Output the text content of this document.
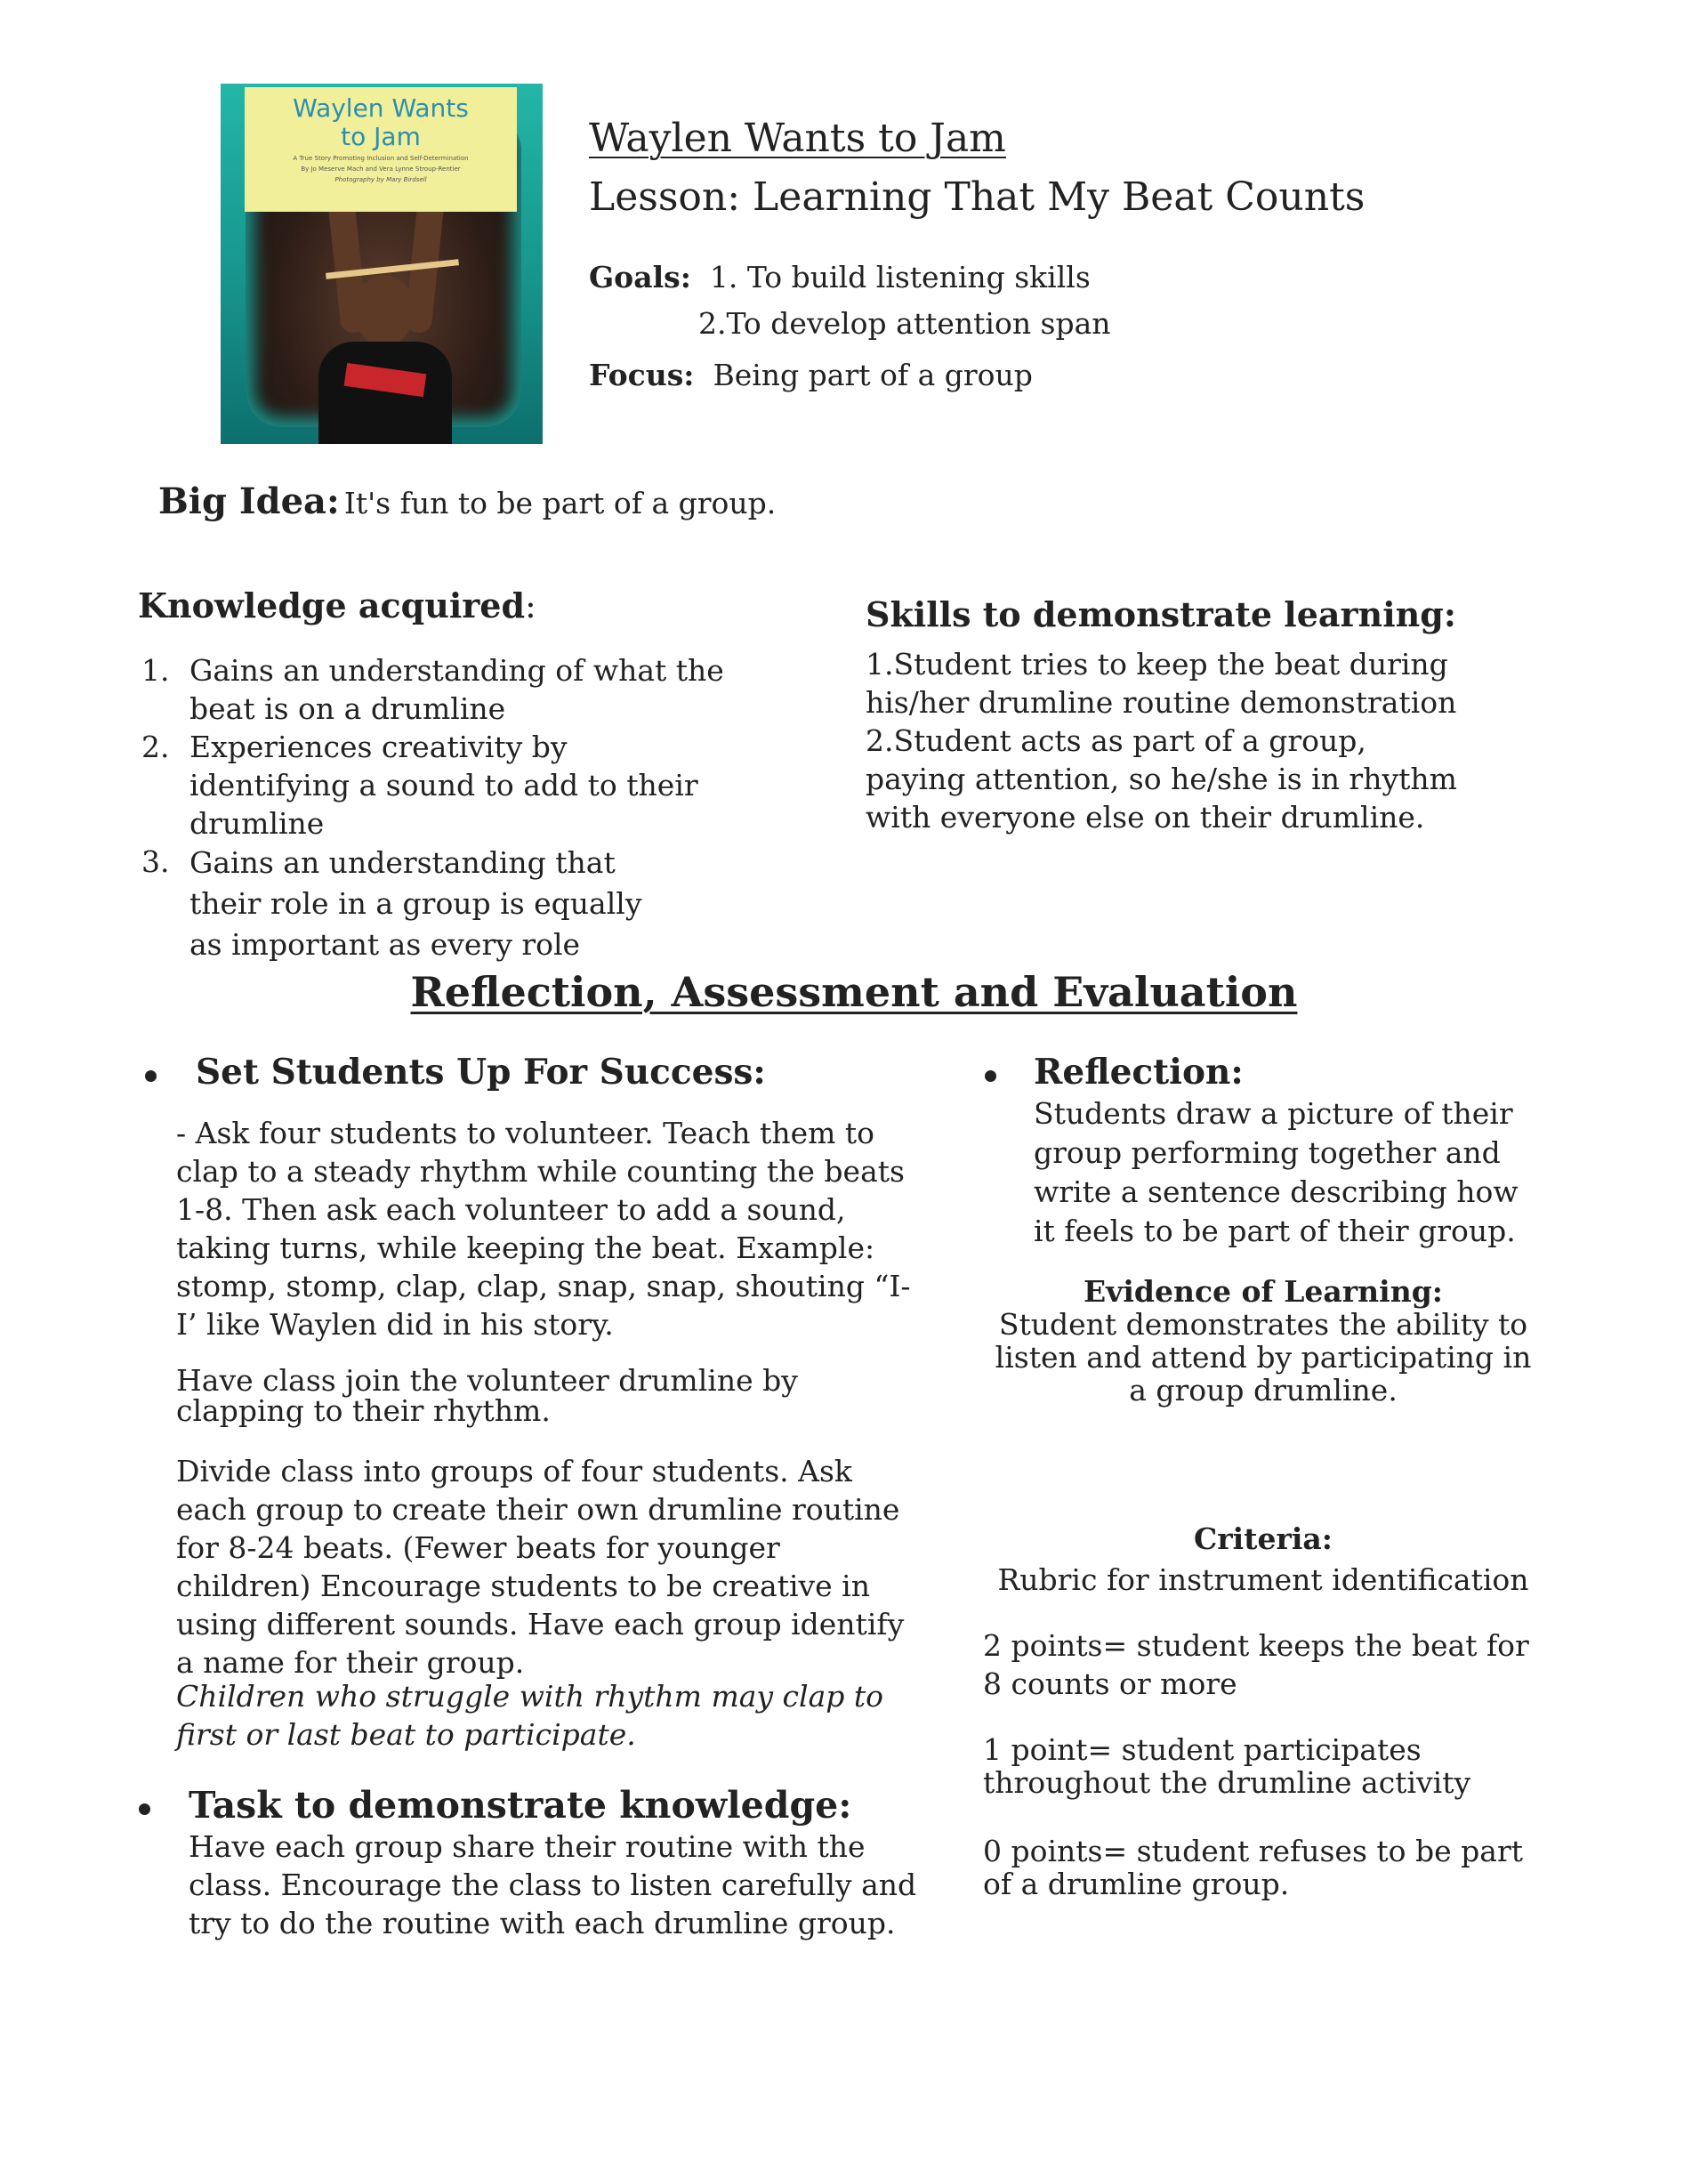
Waylen Wants
to Jam
A True Story Promoting Inclusion and Self-Determination
By Jo Meserve Mach and Vera Lynne Stroup-Rentier
Photography by Mary Birdsell
Waylen Wants to Jam
Lesson: Learning That My Beat Counts
Goals: 1. To build listening skills
2.To develop attention span
Focus: Being part of a group
Big Idea: It's fun to be part of a group.
Knowledge acquired:
1. Gains an understanding of what the beat is on a drumline
2. Experiences creativity by identifying a sound to add to their drumline
3. Gains an understanding that their role in a group is equally as important as every role
Skills to demonstrate learning:
1.Student tries to keep the beat during his/her drumline routine demonstration
2.Student acts as part of a group, paying attention, so he/she is in rhythm with everyone else on their drumline.
Reflection, Assessment and Evaluation
Set Students Up For Success:
- Ask four students to volunteer. Teach them to clap to a steady rhythm while counting the beats 1-8. Then ask each volunteer to add a sound, taking turns, while keeping the beat. Example: stomp, stomp, clap, clap, snap, snap, shouting “I-I’ like Waylen did in his story.
Have class join the volunteer drumline by clapping to their rhythm.
Divide class into groups of four students. Ask each group to create their own drumline routine for 8-24 beats. (Fewer beats for younger children) Encourage students to be creative in using different sounds. Have each group identify a name for their group.
Children who struggle with rhythm may clap to first or last beat to participate.
Task to demonstrate knowledge:
Have each group share their routine with the class. Encourage the class to listen carefully and try to do the routine with each drumline group.
Reflection:
Students draw a picture of their group performing together and write a sentence describing how it feels to be part of their group.
Evidence of Learning:
Student demonstrates the ability to listen and attend by participating in a group drumline.
Criteria:
Rubric for instrument identification
2 points= student keeps the beat for 8 counts or more
1 point= student participates throughout the drumline activity
0 points= student refuses to be part of a drumline group.
